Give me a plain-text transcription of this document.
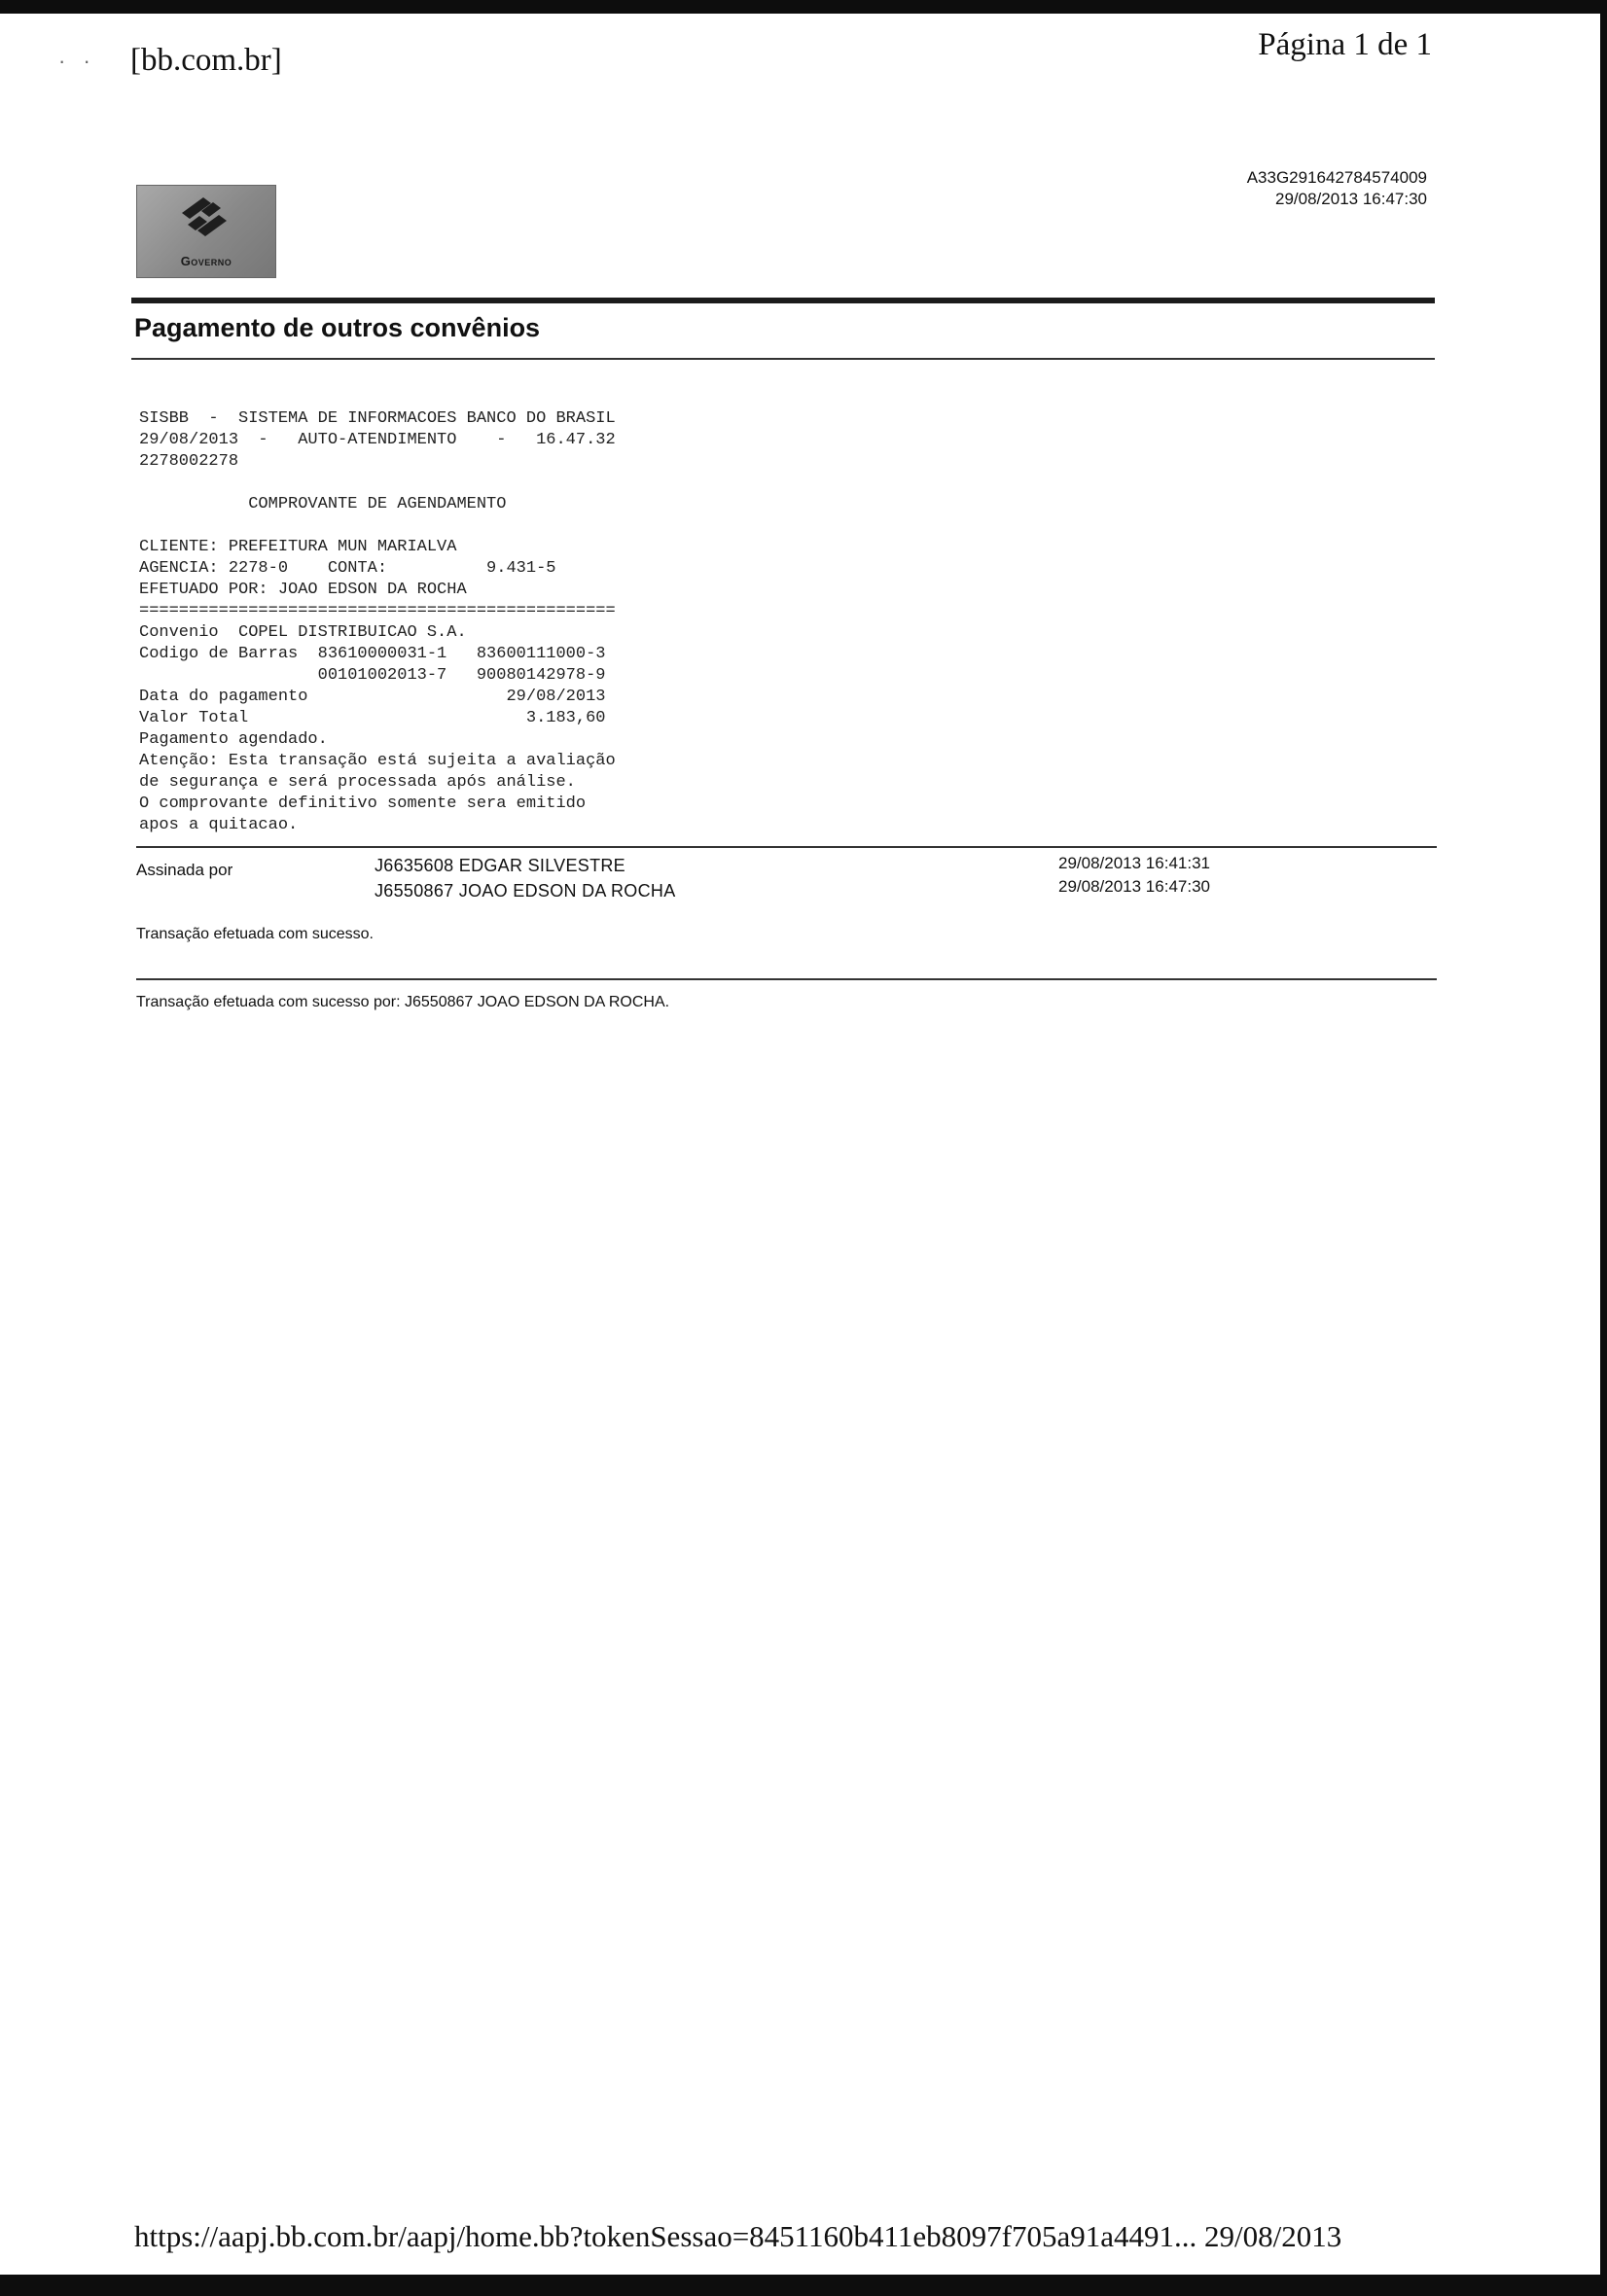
· · [bb.com.br]	Página 1 de 1
A33G291642784574009
29/08/2013 16:47:30
Governo
Pagamento de outros convênios
SISBB  -  SISTEMA DE INFORMACOES BANCO DO BRASIL
29/08/2013  -   AUTO-ATENDIMENTO    -   16.47.32
2278002278

COMPROVANTE DE AGENDAMENTO

CLIENTE: PREFEITURA MUN MARIALVA
AGENCIA: 2278-0    CONTA:          9.431-5
EFETUADO POR: JOAO EDSON DA ROCHA
================================================
Convenio  COPEL DISTRIBUICAO S.A.
Codigo de Barras  83610000031-1   83600111000-3
00101002013-7   90080142978-9
Data do pagamento                    29/08/2013
Valor Total                            3.183,60
Pagamento agendado.
Atenção: Esta transação está sujeita a avaliação
de segurança e será processada após análise.
O comprovante definitivo somente sera emitido
apos a quitacao.
Assinada por	J6635608 EDGAR SILVESTRE	29/08/2013 16:41:31
J6550867 JOAO EDSON DA ROCHA	29/08/2013 16:47:30
Transação efetuada com sucesso.
Transação efetuada com sucesso por: J6550867 JOAO EDSON DA ROCHA.
https://aapj.bb.com.br/aapj/home.bb?tokenSessao=8451160b411eb8097f705a91a4491... 29/08/2013
